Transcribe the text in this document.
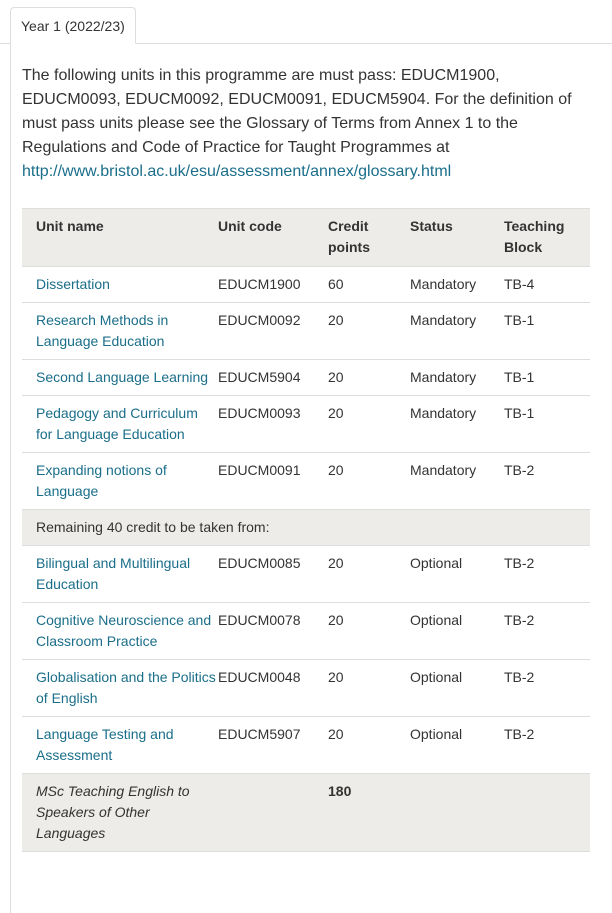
Year 1 (2022/23)
The following units in this programme are must pass: EDUCM1900, EDUCM0093, EDUCM0092, EDUCM0091, EDUCM5904. For the definition of must pass units please see the Glossary of Terms from Annex 1 to the Regulations and Code of Practice for Taught Programmes at http://www.bristol.ac.uk/esu/assessment/annex/glossary.html
Unit name	Unit code	Credit points	Status	Teaching Block
Dissertation	EDUCM1900	60	Mandatory	TB-4
Research Methods in Language Education	EDUCM0092	20	Mandatory	TB-1
Second Language Learning	EDUCM5904	20	Mandatory	TB-1
Pedagogy and Curriculum for Language Education	EDUCM0093	20	Mandatory	TB-1
Expanding notions of Language	EDUCM0091	20	Mandatory	TB-2
Remaining 40 credit to be taken from:				
Bilingual and Multilingual Education	EDUCM0085	20	Optional	TB-2
Cognitive Neuroscience and Classroom Practice	EDUCM0078	20	Optional	TB-2
Globalisation and the Politics of English	EDUCM0048	20	Optional	TB-2
Language Testing and Assessment	EDUCM5907	20	Optional	TB-2
MSc Teaching English to Speakers of Other Languages		180		
